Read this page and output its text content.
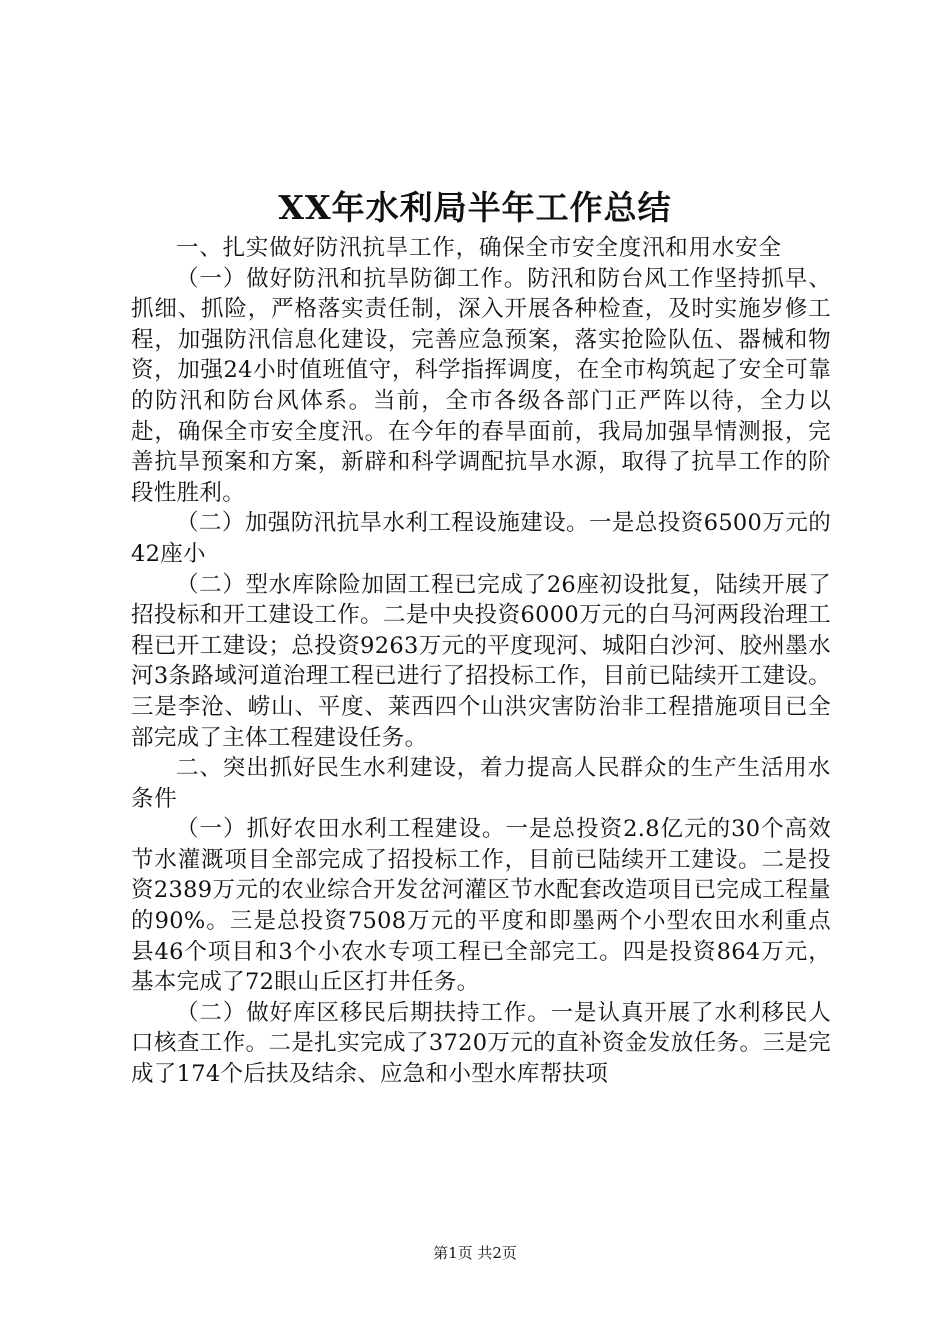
XX年水利局半年工作总结

一、扎实做好防汛抗旱工作，确保全市安全度汛和用水安全

（一）做好防汛和抗旱防御工作。防汛和防台风工作坚持抓早、抓细、抓险，严格落实责任制，深入开展各种检查，及时实施岁修工程，加强防汛信息化建设，完善应急预案，落实抢险队伍、器械和物资，加强24小时值班值守，科学指挥调度，在全市构筑起了安全可靠的防汛和防台风体系。当前，全市各级各部门正严阵以待，全力以赴，确保全市安全度汛。在今年的春旱面前，我局加强旱情测报，完善抗旱预案和方案，新辟和科学调配抗旱水源，取得了抗旱工作的阶段性胜利。

（二）加强防汛抗旱水利工程设施建设。一是总投资6500万元的42座小

（二）型水库除险加固工程已完成了26座初设批复，陆续开展了招投标和开工建设工作。二是中央投资6000万元的白马河两段治理工程已开工建设；总投资9263万元的平度现河、城阳白沙河、胶州墨水河3条路域河道治理工程已进行了招投标工作，目前已陆续开工建设。三是李沧、崂山、平度、莱西四个山洪灾害防治非工程措施项目已全部完成了主体工程建设任务。

二、突出抓好民生水利建设，着力提高人民群众的生产生活用水条件

（一）抓好农田水利工程建设。一是总投资2.8亿元的30个高效节水灌溉项目全部完成了招投标工作，目前已陆续开工建设。二是投资2389万元的农业综合开发岔河灌区节水配套改造项目已完成工程量的90%。三是总投资7508万元的平度和即墨两个小型农田水利重点县46个项目和3个小农水专项工程已全部完工。四是投资864万元，基本完成了72眼山丘区打井任务。

（二）做好库区移民后期扶持工作。一是认真开展了水利移民人口核查工作。二是扎实完成了3720万元的直补资金发放任务。三是完成了174个后扶及结余、应急和小型水库帮扶项

第1页 共2页
